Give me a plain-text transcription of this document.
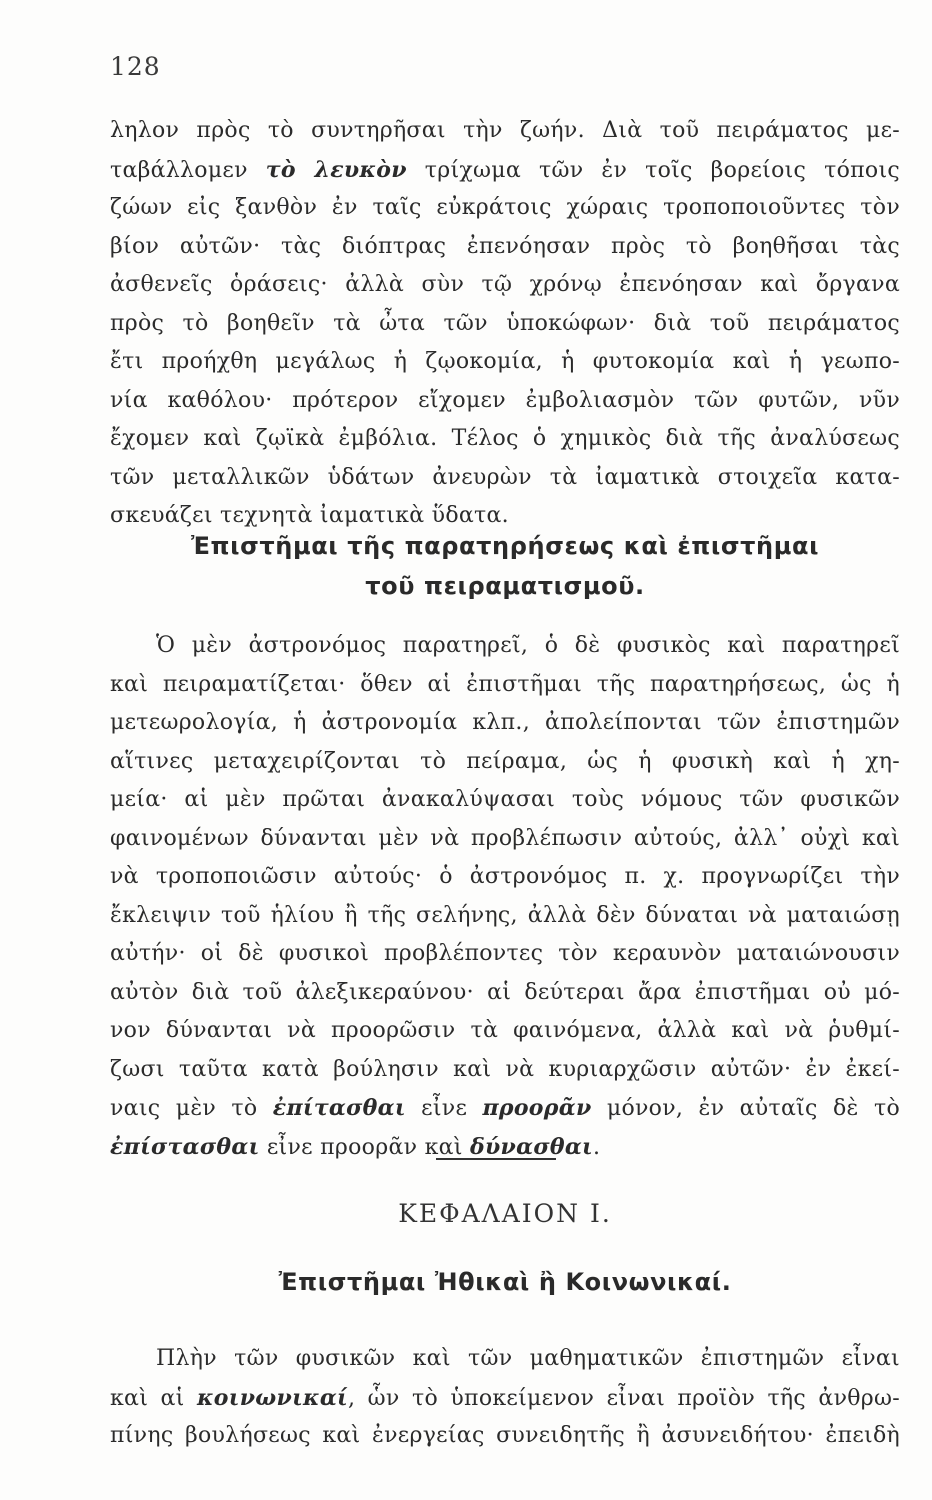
128
ληλον πρὸς τὸ συντηρῆσαι τὴν ζωήν. Διὰ τοῦ πειράματος με-
ταβάλλομεν τὸ λευκὸν τρίχωμα τῶν ἐν τοῖς βορείοις τόποις
ζώων εἰς ξανθὸν ἐν ταῖς εὐκράτοις χώραις τροποποιοῦντες τὸν
βίον αὐτῶν· τὰς διόπτρας ἐπενόησαν πρὸς τὸ βοηθῆσαι τὰς
ἀσθενεῖς ὁράσεις· ἀλλὰ σὺν τῷ χρόνῳ ἐπενόησαν καὶ ὄργανα
πρὸς τὸ βοηθεῖν τὰ ὦτα τῶν ὑποκώφων· διὰ τοῦ πειράματος
ἔτι προήχθη μεγάλως ἡ ζῳοκομία, ἡ φυτοκομία καὶ ἡ γεωπο-
νία καθόλου· πρότερον εἴχομεν ἐμβολιασμὸν τῶν φυτῶν, νῦν
ἔχομεν καὶ ζῳϊκὰ ἐμβόλια. Τέλος ὁ χημικὸς διὰ τῆς ἀναλύσεως
τῶν μεταλλικῶν ὑδάτων ἀνευρὼν τὰ ἰαματικὰ στοιχεῖα κατα-
σκευάζει τεχνητὰ ἰαματικὰ ὕδατα.
Ἐπιστῆμαι τῆς παρατηρήσεως καὶ ἐπιστῆμαι
τοῦ πειραματισμοῦ.
Ὁ μὲν ἀστρονόμος παρατηρεῖ, ὁ δὲ φυσικὸς καὶ παρατηρεῖ
καὶ πειραματίζεται· ὅθεν αἱ ἐπιστῆμαι τῆς παρατηρήσεως, ὡς ἡ
μετεωρολογία, ἡ ἀστρονομία κλπ., ἀπολείπονται τῶν ἐπιστημῶν
αἵτινες μεταχειρίζονται τὸ πείραμα, ὡς ἡ φυσικὴ καὶ ἡ χη-
μεία· αἱ μὲν πρῶται ἀνακαλύψασαι τοὺς νόμους τῶν φυσικῶν
φαινομένων δύνανται μὲν νὰ προβλέπωσιν αὐτούς, ἀλλ᾽ οὐχὶ καὶ
νὰ τροποποιῶσιν αὐτούς· ὁ ἀστρονόμος π. χ. προγνωρίζει τὴν
ἔκλειψιν τοῦ ἡλίου ἢ τῆς σελήνης, ἀλλὰ δὲν δύναται νὰ ματαιώσῃ
αὐτήν· οἱ δὲ φυσικοὶ προβλέποντες τὸν κεραυνὸν ματαιώνουσιν
αὐτὸν διὰ τοῦ ἀλεξικεραύνου· αἱ δεύτεραι ἄρα ἐπιστῆμαι οὐ μό-
νον δύνανται νὰ προορῶσιν τὰ φαινόμενα, ἀλλὰ καὶ νὰ ῥυθμί-
ζωσι ταῦτα κατὰ βούλησιν καὶ νὰ κυριαρχῶσιν αὐτῶν· ἐν ἐκεί-
ναις μὲν τὸ ἐπίτασθαι εἶνε προορᾶν μόνον, ἐν αὐταῖς δὲ τὸ
ἐπίστασθαι εἶνε προορᾶν καὶ δύνασθαι.
ΚΕΦΑΛΑΙΟΝ Ι.
Ἐπιστῆμαι Ἠθικαὶ ἢ Κοινωνικαί.
Πλὴν τῶν φυσικῶν καὶ τῶν μαθηματικῶν ἐπιστημῶν εἶναι
καὶ αἱ κοινωνικαί, ὧν τὸ ὑποκείμενον εἶναι προϊὸν τῆς ἀνθρω-
πίνης βουλήσεως καὶ ἐνεργείας συνειδητῆς ἢ ἀσυνειδήτου· ἐπειδὴ
